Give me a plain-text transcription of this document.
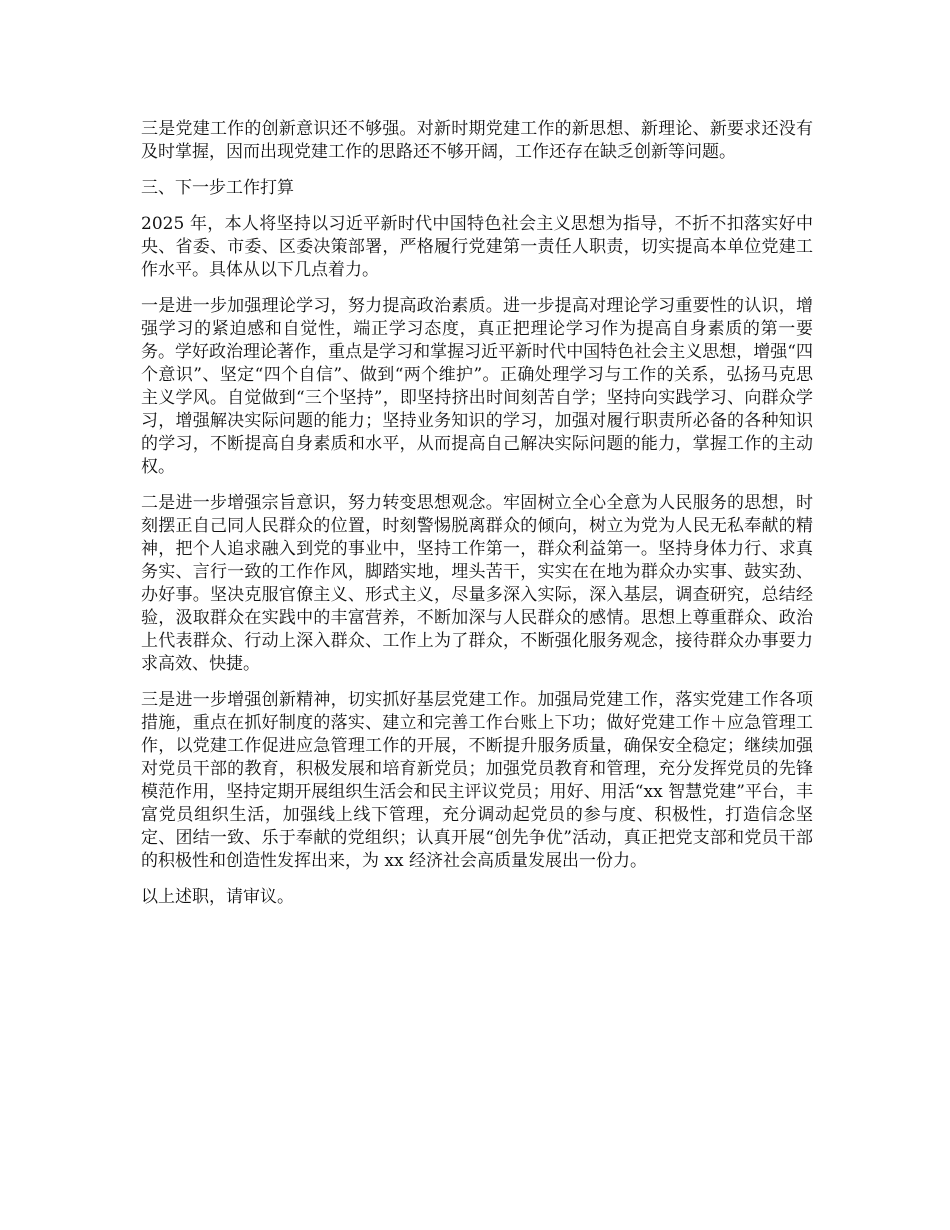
三是党建工作的创新意识还不够强。对新时期党建工作的新思想、新理论、新要求还没有及时掌握，因而出现党建工作的思路还不够开阔，工作还存在缺乏创新等问题。

三、下一步工作打算

2025 年，本人将坚持以习近平新时代中国特色社会主义思想为指导，不折不扣落实好中央、省委、市委、区委决策部署，严格履行党建第一责任人职责，切实提高本单位党建工作水平。具体从以下几点着力。

一是进一步加强理论学习，努力提高政治素质。进一步提高对理论学习重要性的认识，增强学习的紧迫感和自觉性，端正学习态度，真正把理论学习作为提高自身素质的第一要务。学好政治理论著作，重点是学习和掌握习近平新时代中国特色社会主义思想，增强“四个意识”、坚定“四个自信”、做到“两个维护”。正确处理学习与工作的关系，弘扬马克思主义学风。自觉做到“三个坚持”，即坚持挤出时间刻苦自学；坚持向实践学习、向群众学习，增强解决实际问题的能力；坚持业务知识的学习，加强对履行职责所必备的各种知识的学习，不断提高自身素质和水平，从而提高自己解决实际问题的能力，掌握工作的主动权。

二是进一步增强宗旨意识，努力转变思想观念。牢固树立全心全意为人民服务的思想，时刻摆正自己同人民群众的位置，时刻警惕脱离群众的倾向，树立为党为人民无私奉献的精神，把个人追求融入到党的事业中，坚持工作第一，群众利益第一。坚持身体力行、求真务实、言行一致的工作作风，脚踏实地，埋头苦干，实实在在地为群众办实事、鼓实劲、办好事。坚决克服官僚主义、形式主义，尽量多深入实际，深入基层，调查研究，总结经验，汲取群众在实践中的丰富营养，不断加深与人民群众的感情。思想上尊重群众、政治上代表群众、行动上深入群众、工作上为了群众，不断强化服务观念，接待群众办事要力求高效、快捷。

三是进一步增强创新精神，切实抓好基层党建工作。加强局党建工作，落实党建工作各项措施，重点在抓好制度的落实、建立和完善工作台账上下功；做好党建工作＋应急管理工作，以党建工作促进应急管理工作的开展，不断提升服务质量，确保安全稳定；继续加强对党员干部的教育，积极发展和培育新党员；加强党员教育和管理，充分发挥党员的先锋模范作用，坚持定期开展组织生活会和民主评议党员；用好、用活“xx 智慧党建”平台，丰富党员组织生活，加强线上线下管理，充分调动起党员的参与度、积极性，打造信念坚定、团结一致、乐于奉献的党组织；认真开展“创先争优”活动，真正把党支部和党员干部的积极性和创造性发挥出来，为 xx 经济社会高质量发展出一份力。

以上述职，请审议。
